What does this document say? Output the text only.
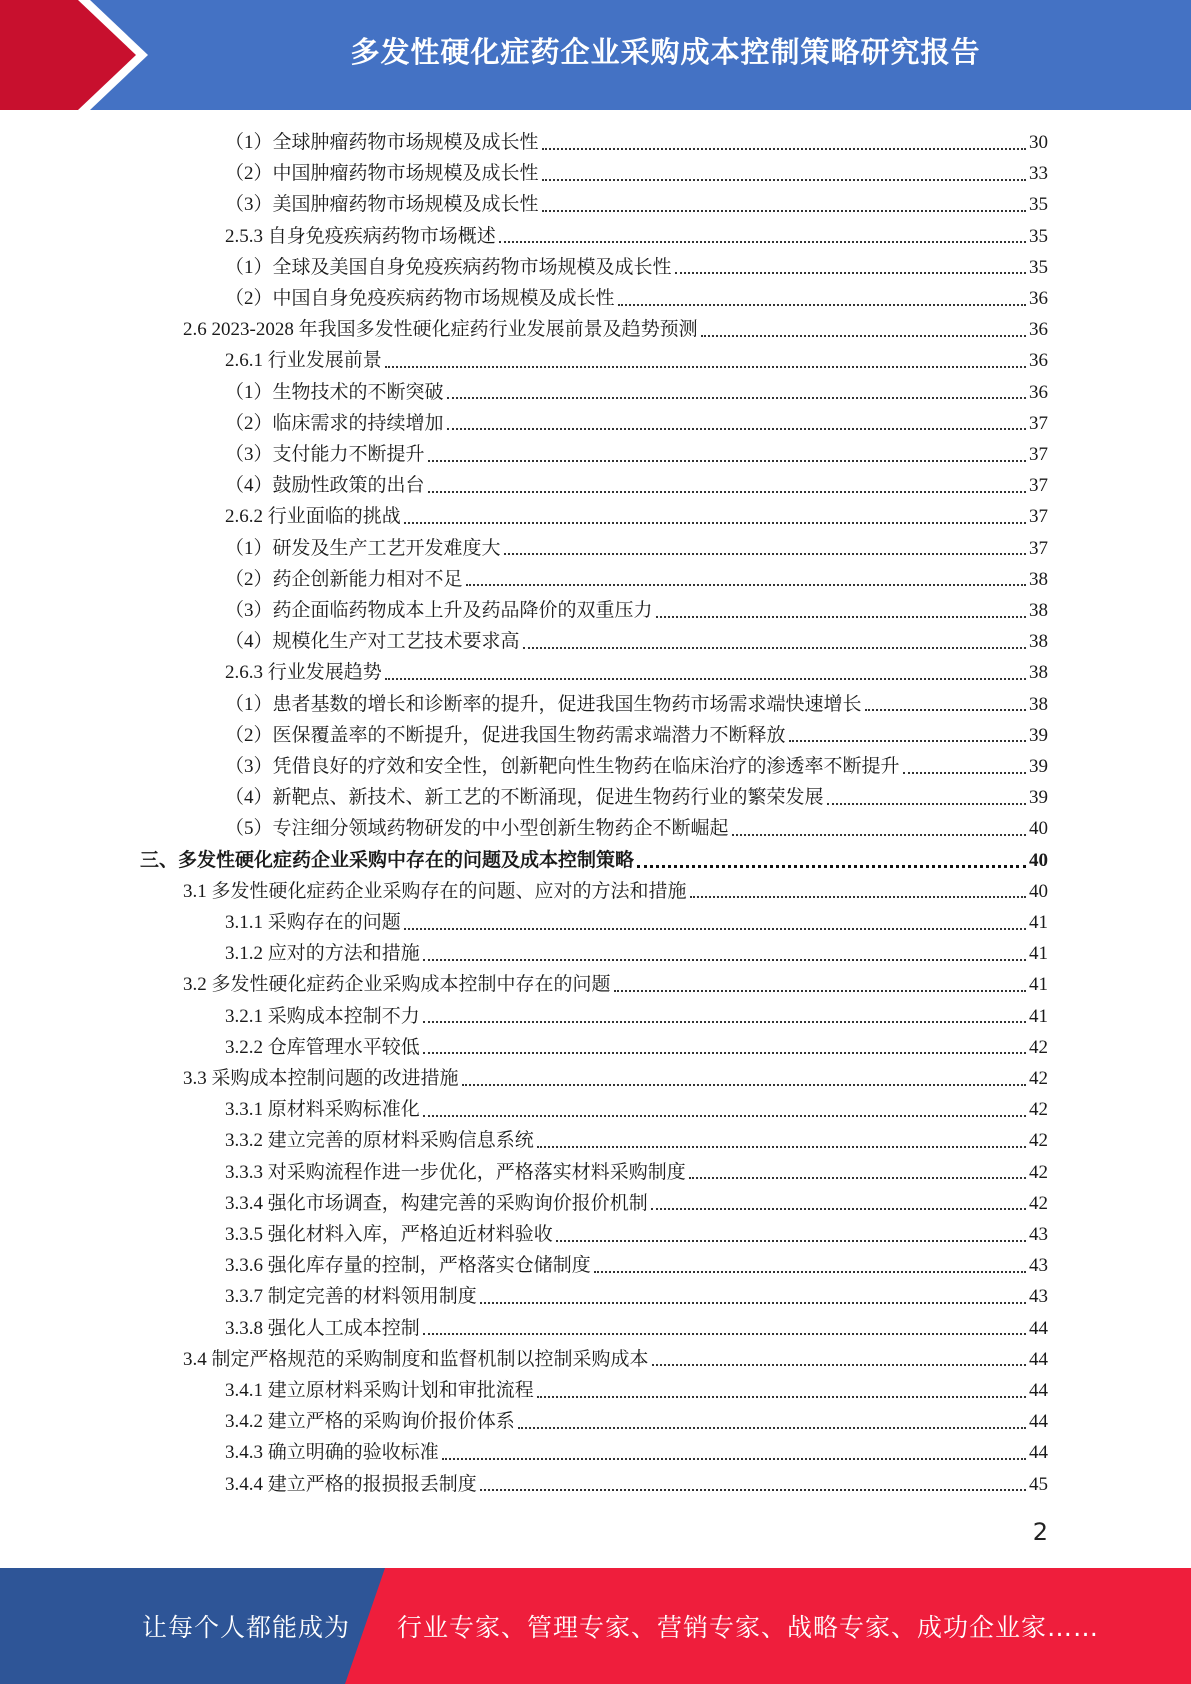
多发性硬化症药企业采购成本控制策略研究报告
（1）全球肿瘤药物市场规模及成长性	30
（2）中国肿瘤药物市场规模及成长性	33
（3）美国肿瘤药物市场规模及成长性	35
2.5.3 自身免疫疾病药物市场概述	35
（1）全球及美国自身免疫疾病药物市场规模及成长性	35
（2）中国自身免疫疾病药物市场规模及成长性	36
2.6 2023-2028 年我国多发性硬化症药行业发展前景及趋势预测	36
2.6.1 行业发展前景	36
（1）生物技术的不断突破	36
（2）临床需求的持续增加	37
（3）支付能力不断提升	37
（4）鼓励性政策的出台	37
2.6.2 行业面临的挑战	37
（1）研发及生产工艺开发难度大	37
（2）药企创新能力相对不足	38
（3）药企面临药物成本上升及药品降价的双重压力	38
（4）规模化生产对工艺技术要求高	38
2.6.3 行业发展趋势	38
（1）患者基数的增长和诊断率的提升，促进我国生物药市场需求端快速增长	38
（2）医保覆盖率的不断提升，促进我国生物药需求端潜力不断释放	39
（3）凭借良好的疗效和安全性，创新靶向性生物药在临床治疗的渗透率不断提升	39
（4）新靶点、新技术、新工艺的不断涌现，促进生物药行业的繁荣发展	39
（5）专注细分领域药物研发的中小型创新生物药企不断崛起	40
三、多发性硬化症药企业采购中存在的问题及成本控制策略	40
3.1 多发性硬化症药企业采购存在的问题、应对的方法和措施	40
3.1.1 采购存在的问题	41
3.1.2 应对的方法和措施	41
3.2 多发性硬化症药企业采购成本控制中存在的问题	41
3.2.1 采购成本控制不力	41
3.2.2 仓库管理水平较低	42
3.3 采购成本控制问题的改进措施	42
3.3.1 原材料采购标准化	42
3.3.2 建立完善的原材料采购信息系统	42
3.3.3 对采购流程作进一步优化，严格落实材料采购制度	42
3.3.4 强化市场调查，构建完善的采购询价报价机制	42
3.3.5 强化材料入库，严格迫近材料验收	43
3.3.6 强化库存量的控制，严格落实仓储制度	43
3.3.7 制定完善的材料领用制度	43
3.3.8 强化人工成本控制	44
3.4 制定严格规范的采购制度和监督机制以控制采购成本	44
3.4.1 建立原材料采购计划和审批流程	44
3.4.2 建立严格的采购询价报价体系	44
3.4.3 确立明确的验收标准	44
3.4.4 建立严格的报损报丢制度	45
2
让每个人都能成为 行业专家、管理专家、营销专家、战略专家、成功企业家……
